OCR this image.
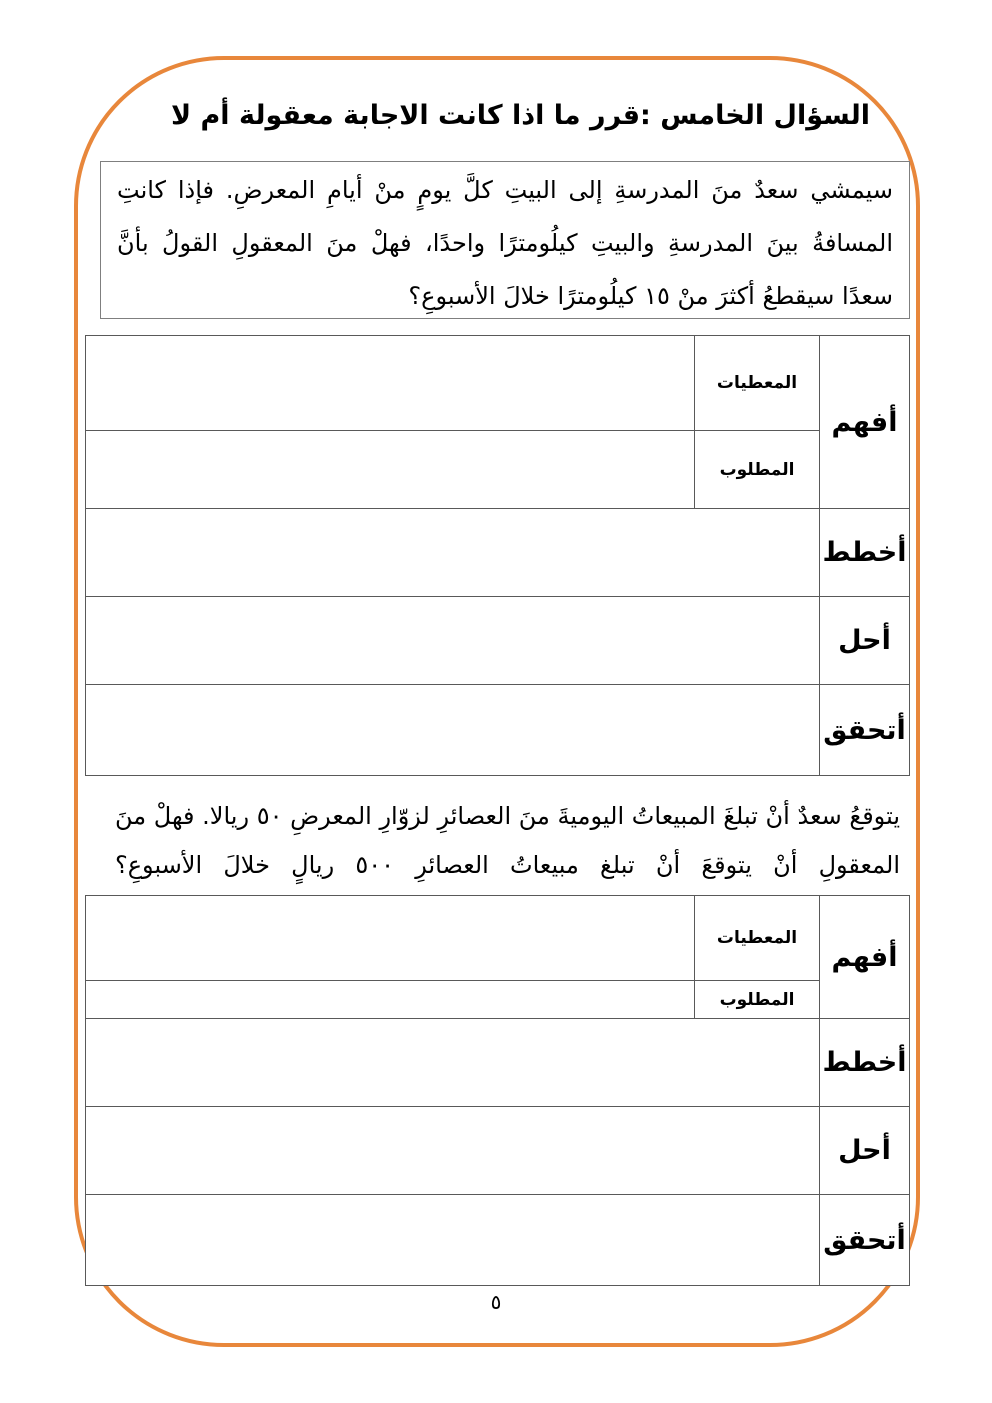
السؤال الخامس :قرر ما اذا كانت الاجابة معقولة أم لا
سيمشي سعدٌ منَ المدرسةِ إلى البيتِ كلَّ يومٍ منْ أيامِ المعرضِ. فإذا كانتِ المسافةُ بينَ المدرسةِ والبيتِ كيلُومترًا واحدًا، فهلْ منَ المعقولِ القولُ بأنَّ سعدًا سيقطعُ أكثرَ منْ ١٥ كيلُومترًا خلالَ الأسبوعِ؟
أفهم	المعطيات	
	المطلوب	
أخطط		
أحل		
أتحقق		
يتوقعُ سعدٌ أنْ تبلغَ المبيعاتُ اليوميةَ منَ العصائرِ لزوّارِ المعرضِ ٥٠ ريالا. فهلْ منَ المعقولِ أنْ يتوقعَ أنْ تبلغ مبيعاتُ العصائرِ ٥٠٠ ريالٍ خلالَ الأسبوعِ؟
أفهم	المعطيات	
	المطلوب	
أخطط		
أحل		
أتحقق		
٥
